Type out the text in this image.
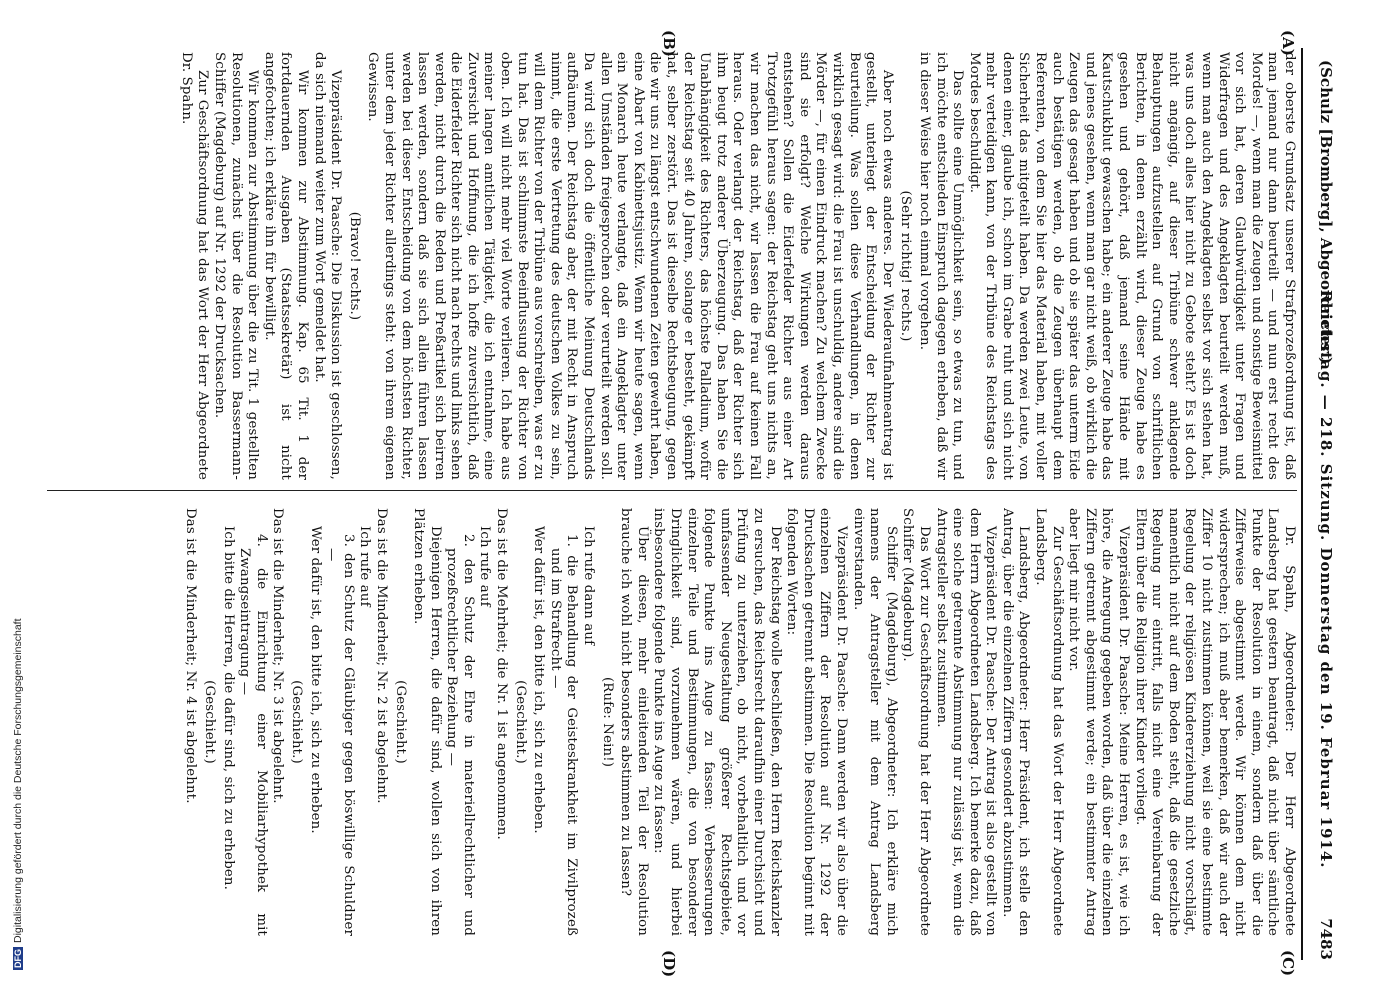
(Schulz [Bromberg], Abgeordneter.)
Reichstag. — 218. Sitzung. Donnerstag den 19. Februar 1914.
7483
(A)
(B)
(C)
(D)

der oberste Grundsatz unserer Strafprozeßordnung ist, daß man jemand nur dann beurteilt — und nun erst recht des Mordes! —, wenn man die Zeugen und sonstige Beweismittel vor sich hat, deren Glaubwürdigkeit unter Fragen und Widerfragen und des Angeklagten beurteilt werden muß, wenn man auch den Angeklagten selbst vor sich stehen hat, was uns doch alles hier nicht zu Gebote steht? Es ist doch nicht angängig, auf dieser Tribüne schwer anklagende Behauptungen aufzustellen auf Grund von schriftlichen Berichten, in denen erzählt wird, dieser Zeuge habe es gesehen und gehört, daß jemand seine Hände mit Kautschukblut gewaschen habe; ein anderer Zeuge habe das und jenes gesehen, wenn man gar nicht weiß, ob wirklich die Zeugen das gesagt haben und ob sie später das unterm Eide auch bestätigen werden, ob die Zeugen überhaupt dem Referenten, von dem Sie hier das Material haben, mit voller Sicherheit das mitgeteilt haben. Da werden zwei Leute, von denen einer, glaube ich, schon im Grabe ruht und sich nicht mehr verteidigen kann, von der Tribüne des Reichstags des Mordes beschuldigt.

Das sollte eine Unmöglichkeit sein, so etwas zu tun, und ich möchte entschieden Einspruch dagegen erheben, daß wir in dieser Weise hier noch einmal vorgehen.

(Sehr richtig! rechts.)

Aber noch etwas anderes. Der Wiederaufnahmeantrag ist gestellt, unterliegt der Entscheidung der Richter zur Beurteilung. Was sollen diese Verhandlungen, in denen wirklich gesagt wird: die Frau ist unschuldig, andere sind die Mörder —, für einen Eindruck machen? Zu welchem Zwecke sind sie erfolgt? Welche Wirkungen werden daraus entstehen? Sollen die Eiderfelder Richter aus einer Art Trotzgefühl heraus sagen: der Reichstag geht uns nichts an, wir machen das nicht, wir lassen die Frau auf keinen Fall heraus. Oder verlangt der Reichstag, daß der Richter sich ihm beugt trotz anderer Überzeugung. Das haben Sie die Unabhängigkeit des Richters, das höchste Palladium, wofür der Reichstag seit 40 Jahren, solange er besteht, gekämpft hat, selber zerstört. Das ist dieselbe Rechtsbeugung, gegen die wir uns zu längst entschwundenen Zeiten gewehrt haben, eine Abart von Kabinettsjustiz. Wenn wir heute sagen, wenn ein Monarch heute verlangte, daß ein Angeklagter unter allen Umständen freigesprochen oder verurteilt werden soll. Da wird sich doch die öffentliche Meinung Deutschlands aufbäumen. Der Reichstag aber, der mit Recht in Anspruch nimmt, die erste Vertretung des deutschen Volkes zu sein, will dem Richter von der Tribüne aus vorschreiben, was er zu tun hat. Das ist schlimmste Beeinflussung der Richter von oben. Ich will nicht mehr viel Worte verlieren. Ich habe aus meiner langen amtlichen Tätigkeit, die ich entnahme, eine Zuversicht und Hoffnung, die ich hoffe zuversichtlich, daß die Eiderfelder Richter sich nicht nach rechts und links sehen werden, nicht durch die Reden und Preßartikel sich beirren lassen werden, sondern daß sie sich allein führen lassen werden bei dieser Entscheidung von dem höchsten Richter, unter dem jeder Richter allerdings steht: von ihrem eigenen Gewissen.

(Bravo! rechts.)

Vizepräsident Dr. Paasche: Die Diskussion ist geschlossen, da sich niemand weiter zum Wort gemeldet hat.

Wir kommen zur Abstimmung. Kap. 65 Tit. 1 der fortdauernden Ausgaben (Staatssekretär) ist nicht angefochten; ich erkläre ihn für bewilligt.

Wir kommen zur Abstimmung über die zu Tit. 1 gestellten Resolutionen, zunächst über die Resolution Bassermann-Schiffer (Magdeburg) auf Nr. 1292 der Drucksachen.

Zur Geschäftsordnung hat das Wort der Herr Abgeordnete Dr. Spahn.

Dr. Spahn, Abgeordneter: Der Herr Abgeordnete Landsberg hat gestern beantragt, daß nicht über sämtliche Punkte der Resolution in einem, sondern daß über die Zifferweise abgestimmt werde. Wir können dem nicht widersprechen; ich muß aber bemerken, daß wir auch der Ziffer 10 nicht zustimmen können, weil sie eine bestimmte Regelung der religiösen Kindererziehung nicht vorschlägt, namentlich nicht auf dem Boden steht, daß die gesetzliche Regelung nur eintritt, falls nicht eine Vereinbarung der Eltern über die Religion ihrer Kinder vorliegt.

Vizepräsident Dr. Paasche: Meine Herren, es ist, wie ich höre, die Anregung gegeben worden, daß über die einzelnen Ziffern getrennt abgestimmt werde; ein bestimmter Antrag aber liegt mir nicht vor.

Zur Geschäftsordnung hat das Wort der Herr Abgeordnete Landsberg.

Landsberg, Abgeordneter: Herr Präsident, ich stelle den Antrag, über die einzelnen Ziffern gesondert abzustimmen.

Vizepräsident Dr. Paasche: Der Antrag ist also gestellt von dem Herrn Abgeordneten Landsberg. Ich bemerke dazu, daß eine solche getrennte Abstimmung nur zulässig ist, wenn die Antragsteller selbst zustimmen.

Das Wort zur Geschäftsordnung hat der Herr Abgeordnete Schiffer (Magdeburg).

Schiffer (Magdeburg), Abgeordneter: Ich erkläre mich namens der Antragsteller mit dem Antrag Landsberg einverstanden.

Vizepräsident Dr. Paasche: Dann werden wir also über die einzelnen Ziffern der Resolution auf Nr. 1292 der Drucksachen getrennt abstimmen. Die Resolution beginnt mit folgenden Worten:

Der Reichstag wolle beschließen, den Herrn Reichskanzler zu ersuchen, das Reichsrecht daraufhin einer Durchsicht und Prüfung zu unterziehen, ob nicht, vorbehaltlich und vor umfassender Neugestaltung größerer Rechtsgebiete, folgende Punkte ins Auge zu fassen: Verbesserungen einzelner Teile und Bestimmungen, die von besonderer Dringlichkeit sind, vorzunehmen wären, und hierbei insbesondere folgende Punkte ins Auge zu fassen:

Über diesen, mehr einleitenden Teil der Resolution brauche ich wohl nicht besonders abstimmen zu lassen?

(Rufe: Nein!)

Ich rufe dann auf

1. die Behandlung der Geisteskrankheit im Zivilprozeß und im Strafrecht —

Wer dafür ist, den bitte ich, sich zu erheben.

(Geschieht.)

Das ist die Mehrheit; die Nr. 1 ist angenommen.

Ich rufe auf

2. den Schutz der Ehre in materiellrechtlicher und prozeßrechtlicher Beziehung —

Diejenigen Herren, die dafür sind, wollen sich von ihren Plätzen erheben.

(Geschieht.)

Das ist die Minderheit; Nr. 2 ist abgelehnt.

Ich rufe auf

3. den Schutz der Gläubiger gegen böswillige Schuldner —

Wer dafür ist, den bitte ich, sich zu erheben.

(Geschieht.)

Das ist die Minderheit; Nr. 3 ist abgelehnt.

4. die Einrichtung einer Mobiliarhypothek mit Zwangseintragung —

Ich bitte die Herren, die dafür sind, sich zu erheben.

(Geschieht.)

Das ist die Minderheit; Nr. 4 ist abgelehnt.

DFGDigitalisierung gefördert durch die Deutsche Forschungsgemeinschaft
